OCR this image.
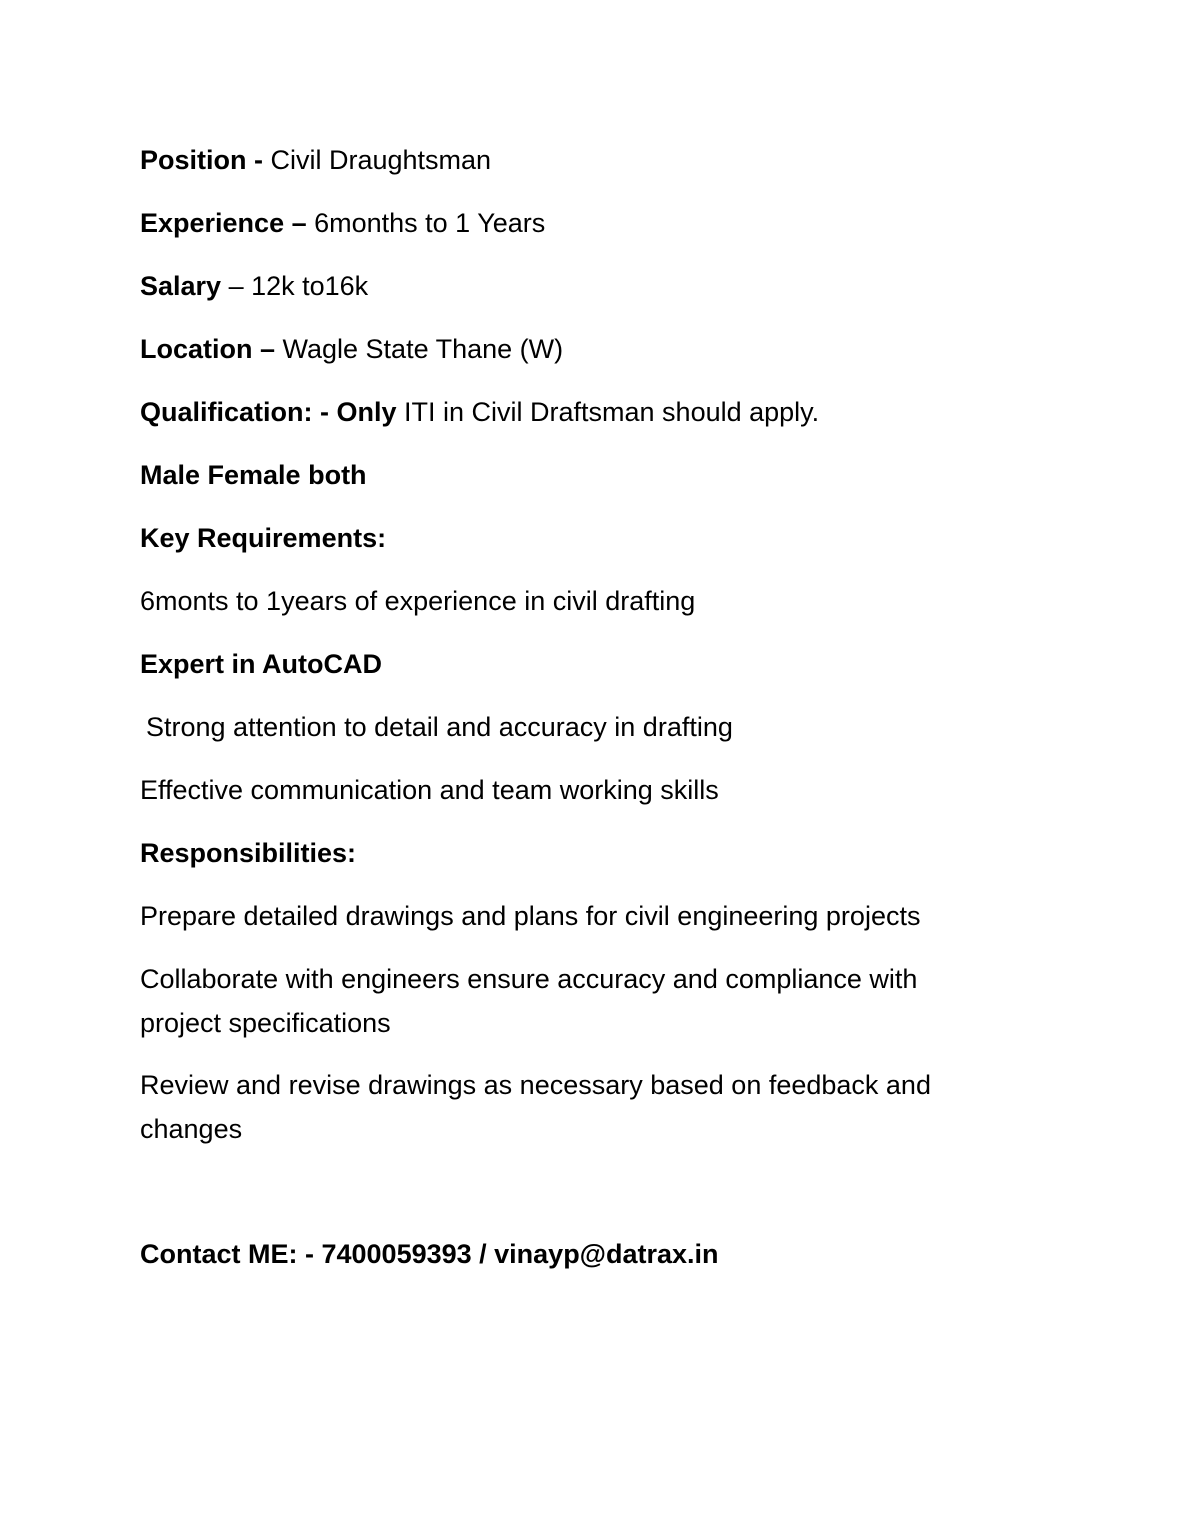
Position - Civil Draughtsman

Experience – 6months to 1 Years

Salary – 12k to16k

Location – Wagle State Thane (W)

Qualification: - Only ITI in Civil Draftsman should apply.

Male Female both

Key Requirements:

6monts to 1years of experience in civil drafting

Expert in AutoCAD

Strong attention to detail and accuracy in drafting

Effective communication and team working skills

Responsibilities:

Prepare detailed drawings and plans for civil engineering projects

Collaborate with engineers ensure accuracy and compliance with project specifications

Review and revise drawings as necessary based on feedback and changes

Contact ME: - 7400059393 / vinayp@datrax.in
